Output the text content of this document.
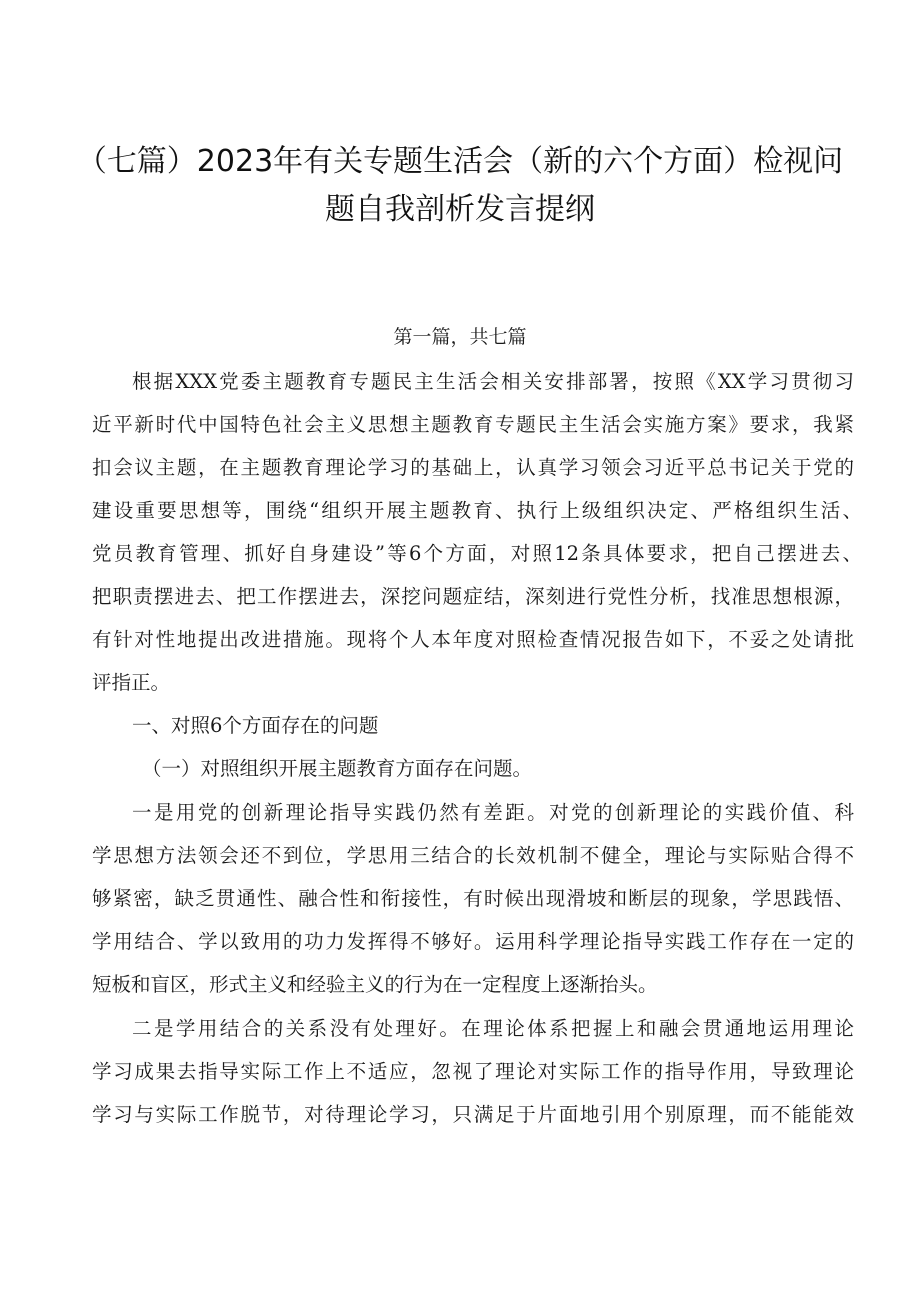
（七篇）2023年有关专题生活会（新的六个方面）检视问
题自我剖析发言提纲
第一篇，共七篇
根据XXX党委主题教育专题民主生活会相关安排部署，按照《XX学习贯彻习
近平新时代中国特色社会主义思想主题教育专题民主生活会实施方案》要求，我紧
扣会议主题，在主题教育理论学习的基础上，认真学习领会习近平总书记关于党的
建设重要思想等，围绕“组织开展主题教育、执行上级组织决定、严格组织生活、
党员教育管理、抓好自身建设”等6个方面，对照12条具体要求，把自己摆进去、
把职责摆进去、把工作摆进去，深挖问题症结，深刻进行党性分析，找准思想根源，
有针对性地提出改进措施。现将个人本年度对照检查情况报告如下，不妥之处请批
评指正。
一、对照6个方面存在的问题
（一）对照组织开展主题教育方面存在问题。
一是用党的创新理论指导实践仍然有差距。对党的创新理论的实践价值、科
学思想方法领会还不到位，学思用三结合的长效机制不健全，理论与实际贴合得不
够紧密，缺乏贯通性、融合性和衔接性，有时候出现滑坡和断层的现象，学思践悟、
学用结合、学以致用的功力发挥得不够好。运用科学理论指导实践工作存在一定的
短板和盲区，形式主义和经验主义的行为在一定程度上逐渐抬头。
二是学用结合的关系没有处理好。在理论体系把握上和融会贯通地运用理论
学习成果去指导实际工作上不适应，忽视了理论对实际工作的指导作用，导致理论
学习与实际工作脱节，对待理论学习，只满足于片面地引用个别原理，而不能能效
